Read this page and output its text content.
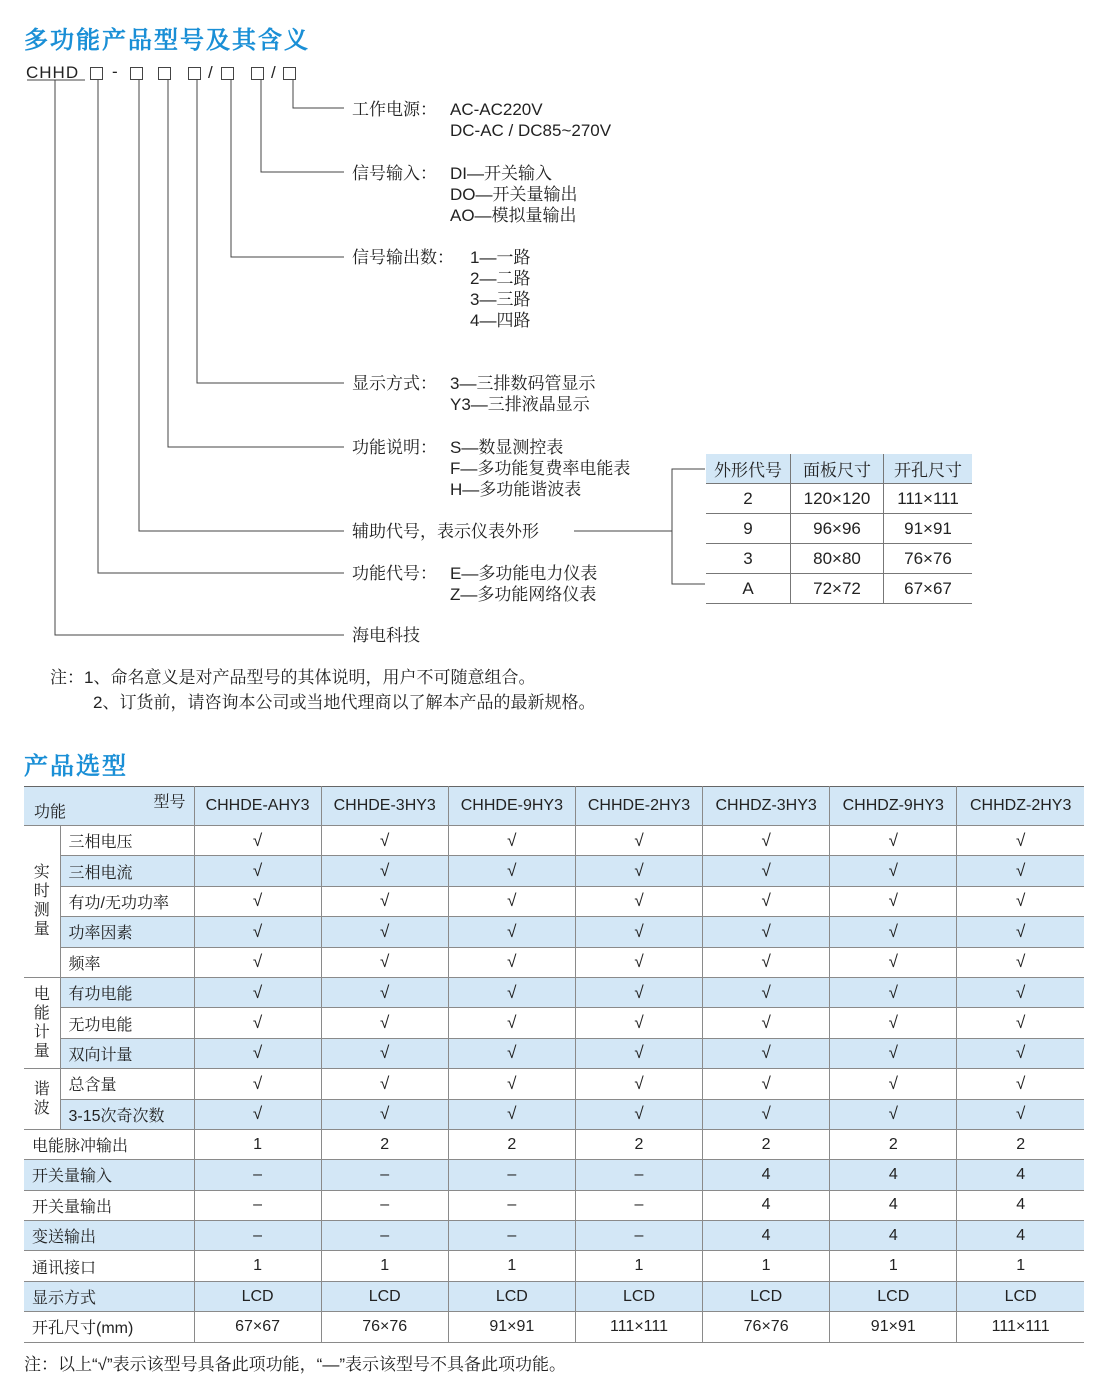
多功能产品型号及其含义
CHHD -	/	/
工作电源： AC-AC220V
DC-AC / DC85~270V
信号输入： DI—开关输入
DO—开关量输出
AO—模拟量输出
信号输出数： 1—一路
2—二路
3—三路
4—四路
显示方式： 3—三排数码管显示
Y3—三排液晶显示
功能说明： S—数显测控表
F—多功能复费率电能表
H—多功能谐波表
辅助代号，表示仪表外形
功能代号： E—多功能电力仪表
Z—多功能网络仪表
海电科技
外形代号	面板尺寸	开孔尺寸
2	120×120	111×111
9	96×96	91×91
3	80×80	76×76
A	72×72	67×67
注：1、命名意义是对产品型号的其体说明，用户不可随意组合。
2、订货前，请咨询本公司或当地代理商以了解本产品的最新规格。
产品选型
型号
功能		CHHDE-AHY3	CHHDE-3HY3	CHHDE-9HY3	CHHDE-2HY3	CHHDZ-3HY3	CHHDZ-9HY3	CHHDZ-2HY3

实时测量	三相电压	√	√	√	√	√	√	√
	三相电流	√	√	√	√	√	√	√
	有功/无功功率	√	√	√	√	√	√	√
	功率因素	√	√	√	√	√	√	√
	频率	√	√	√	√	√	√	√

电能计量	有功电能	√	√	√	√	√	√	√
	无功电能	√	√	√	√	√	√	√
	双向计量	√	√	√	√	√	√	√

谐波	总含量	√	√	√	√	√	√	√
	3-15次奇次数	√	√	√	√	√	√	√
电能脉冲输出		1	2	2	2	2	2	2
开关量输入		–	–	–	–	4	4	4
开关量输出		–	–	–	–	4	4	4
变送输出		–	–	–	–	4	4	4
通讯接口		1	1	1	1	1	1	1
显示方式		LCD	LCD	LCD	LCD	LCD	LCD	LCD
开孔尺寸(mm)		67×67	76×76	91×91	111×111	76×76	91×91	111×111
注：以上“√”表示该型号具备此项功能，“—”表示该型号不具备此项功能。
